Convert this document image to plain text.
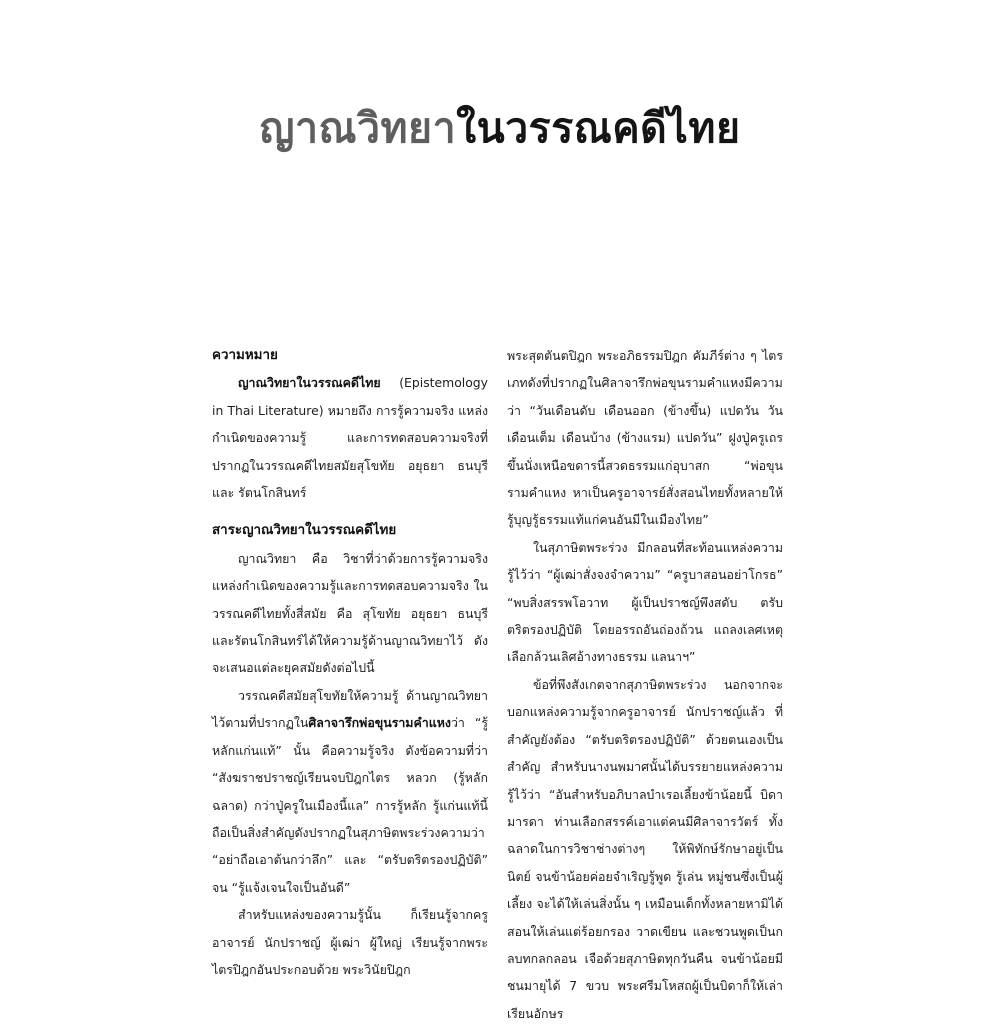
ญาณวิทยาในวรรณคดีไทย
ความหมาย

ญาณวิทยาในวรรณคดีไทย (Epistemology in Thai Literature) หมายถึง การรู้ความจริง แหล่งกำเนิดของความรู้ และการทดสอบความจริงที่ปรากฏในวรรณคดีไทยสมัยสุโขทัย อยุธยา ธนบุรี และ รัตนโกสินทร์

สาระญาณวิทยาในวรรณคดีไทย

ญาณวิทยา คือ วิชาที่ว่าด้วยการรู้ความจริง แหล่งกำเนิดของความรู้และการทดสอบความจริง ในวรรณคดีไทยทั้งสี่สมัย คือ สุโขทัย อยุธยา ธนบุรี และรัตนโกสินทร์ได้ให้ความรู้ด้านญาณวิทยาไว้ ดังจะเสนอแต่ละยุคสมัยดังต่อไปนี้

วรรณคดีสมัยสุโขทัยให้ความรู้ ด้านญาณวิทยาไว้ตามที่ปรากฏในศิลาจารึกพ่อขุนรามคำแหงว่า “รู้หลักแก่นแท้” นั้น คือความรู้จริง ดังข้อความที่ว่า “สังฆราชปราชญ์เรียนจบปิฎกไตร หลวก (รู้หลักฉลาด) กว่าปู่ครูในเมืองนี้แล” การรู้หลัก รู้แก่นแท้นี้ถือเป็นสิ่งสำคัญดังปรากฏในสุภาษิตพระร่วงความว่า “อย่าถือเอาต้นกว่าลึก” และ “ตรับตริตรองปฏิบัติ” จน “รู้แจ้งเจนใจเป็นอันดี”

สำหรับแหล่งของความรู้นั้น ก็เรียนรู้จากครู อาจารย์ นักปราชญ์ ผู้เฒ่า ผู้ใหญ่ เรียนรู้จากพระไตรปิฎกอันประกอบด้วย พระวินัยปิฎก

พระสุตตันตปิฎก พระอภิธรรมปิฎก คัมภีร์ต่าง ๆ ไตรเภทดังที่ปรากฏในศิลาจารึกพ่อขุนรามคำแหงมีความว่า “วันเดือนดับ เดือนออก (ข้างขึ้น) แปดวัน วันเดือนเต็ม เดือนบ้าง (ข้างแรม) แปดวัน” ฝูงปู่ครูเถรขึ้นนั่งเหนือขดารนี้สวดธรรมแก่อุบาสก “พ่อขุนรามคำแหง หาเป็นครูอาจารย์สั่งสอนไทยทั้งหลายให้รู้บุญรู้ธรรมแท้แก่คนอันมีในเมืองไทย”

ในสุภาษิตพระร่วง มีกลอนที่สะท้อนแหล่งความรู้ไว้ว่า “ผู้เฒ่าสั่งจงจำความ” “ครูบาสอนอย่าโกรธ” “พบสิ่งสรรพโอวาท ผู้เป็นปราชญ์พึงสดับ ตรับตริตรองปฏิบัติ โดยอรรถอันถ่องถ้วน แถลงเลศเหตุเลือกล้วนเลิศอ้างทางธรรม แลนาฯ”

ข้อที่พึงสังเกตจากสุภาษิตพระร่วง นอกจากจะบอกแหล่งความรู้จากครูอาจารย์ นักปราชญ์แล้ว ที่สำคัญยังต้อง “ตรับตริตรองปฏิบัติ” ด้วยตนเองเป็นสำคัญ สำหรับนางนพมาศนั้นได้บรรยายแหล่งความรู้ไว้ว่า “อันสำหรับอภิบาลบำเรอเลี้ยงข้าน้อยนี้ บิดามารดา ท่านเลือกสรรค์เอาแต่คนมีศิลาจารวัตร์ ทั้งฉลาดในการวิชาช่างต่างๆ ให้พิทักษ์รักษาอยู่เป็นนิตย์ จนข้าน้อยค่อยจำเริญรู้พูด รู้เล่น หมู่ชนซึ่งเป็นผู้เลี้ยง จะได้ให้เล่นสิ่งนั้น ๆ เหมือนเด็กทั้งหลายหามิได้ สอนให้เล่นแต่ร้อยกรอง วาดเขียน และชวนพูดเป็นกลบทกลกลอน เจือด้วยสุภาษิตทุกวันคืน จนข้าน้อยมีชนมายุได้ 7 ขวบ พระศรีมโหสถผู้เป็นบิดาก็ให้เล่าเรียนอักษร
